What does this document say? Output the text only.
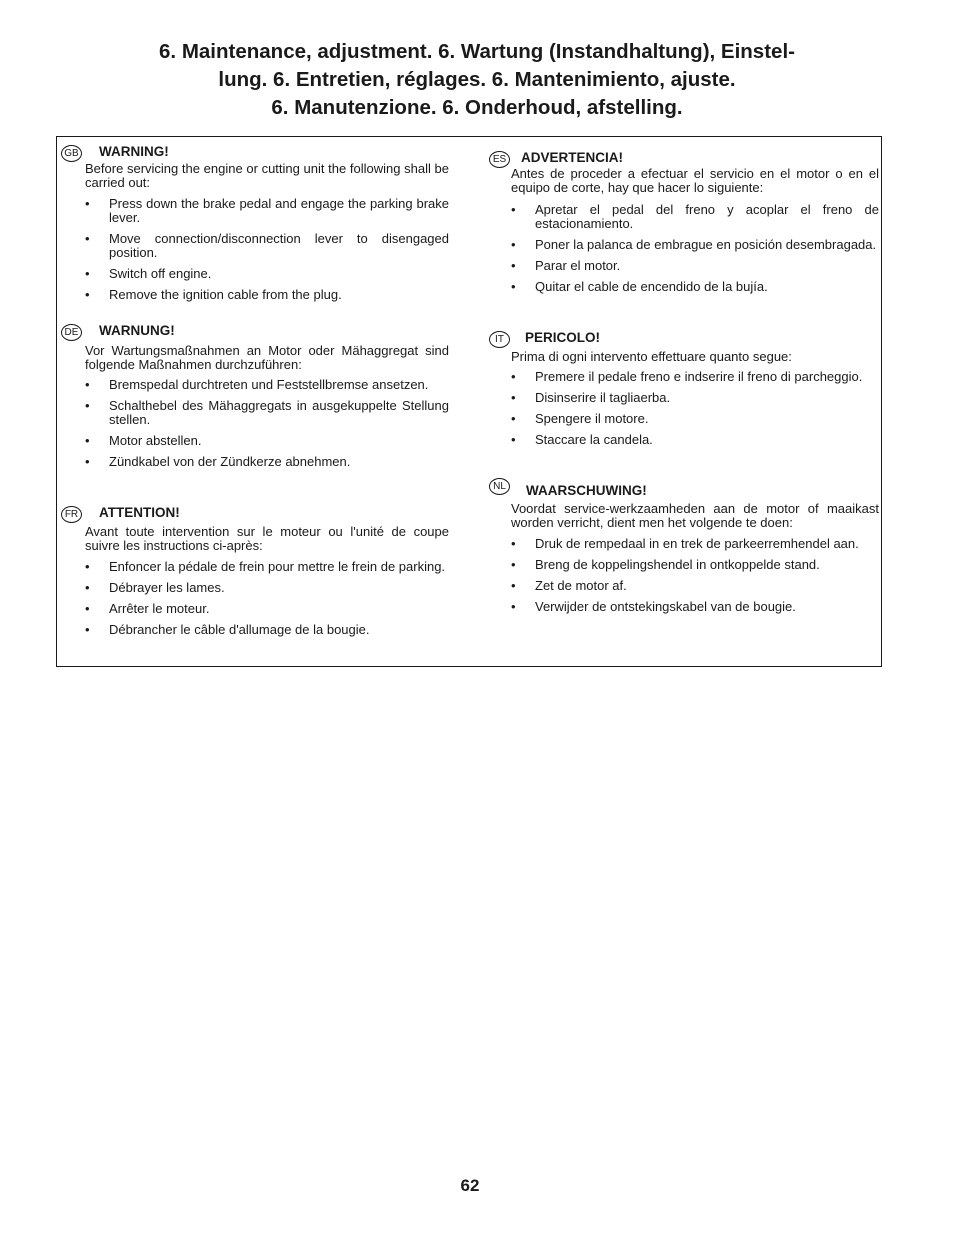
6. Maintenance, adjustment. 6. Wartung (Instandhaltung), Einstel-
lung. 6. Entretien, réglages. 6. Mantenimiento, ajuste.
6. Manutenzione. 6. Onderhoud, afstelling.
GB WARNING!
Before servicing the engine or cutting unit the following shall be carried out:
• Press down the brake pedal and engage the parking brake lever.
• Move connection/disconnection lever to disengaged position.
• Switch off engine.
• Remove the ignition cable from the plug.
DE WARNUNG!
Vor Wartungsmaßnahmen an Motor oder Mähaggregat sind folgende Maßnahmen durchzuführen:
• Bremspedal durchtreten und Feststellbremse ansetzen.
• Schalthebel des Mähaggregats in ausgekuppelte Stellung stellen.
• Motor abstellen.
• Zündkabel von der Zündkerze abnehmen.
FR ATTENTION!
Avant toute intervention sur le moteur ou l'unité de coupe suivre les instructions ci-après:
• Enfoncer la pédale de frein pour mettre le frein de parking.
• Débrayer les lames.
• Arrêter le moteur.
• Débrancher le câble d'allumage de la bougie.
ES ADVERTENCIA!
Antes de proceder a efectuar el servicio en el motor o en el equipo de corte, hay que hacer lo siguiente:
• Apretar el pedal del freno y acoplar el freno de estacionamiento.
• Poner la palanca de embrague en posición desembragada.
• Parar el motor.
• Quitar el cable de encendido de la bujía.
IT	PERICOLO!
Prima di ogni intervento effettuare quanto segue:
• Premere il pedale freno e indserire il freno di parcheggio.
• Disinserire il tagliaerba.
• Spengere il motore.
• Staccare la candela.
NL	WAARSCHUWING!
Voordat service-werkzaamheden aan de motor of maaikast worden verricht, dient men het volgende te doen:
• Druk de rempedaal in en trek de parkeerremhendel aan.
• Breng de koppelingshendel in ontkoppelde stand.
• Zet de motor af.
• Verwijder de ontstekingskabel van de bougie.
62
